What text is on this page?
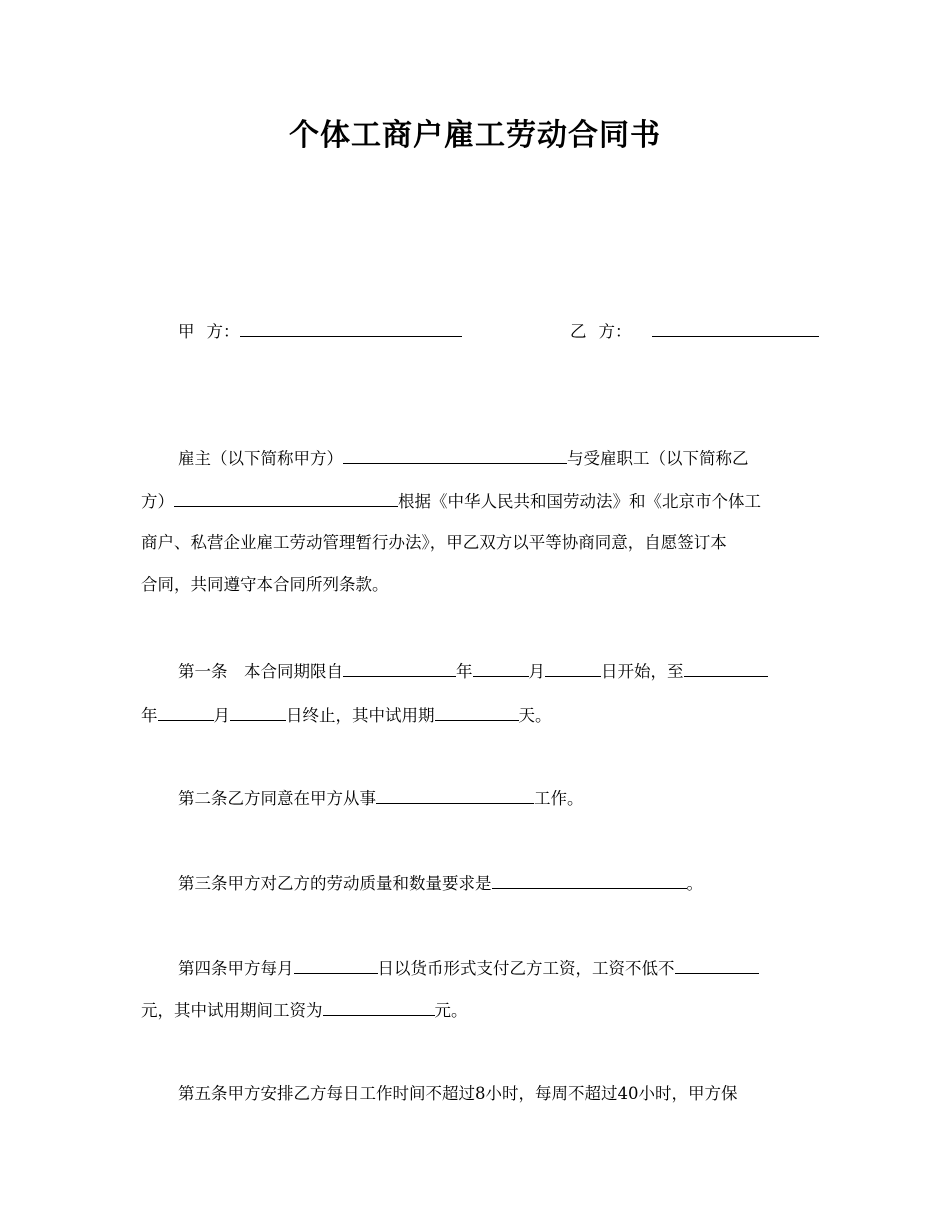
个体工商户雇工劳动合同书
甲 方：	乙 方：
雇主（以下简称甲方）	与受雇职工（以下简称乙
方）	根据《中华人民共和国劳动法》和《北京市个体工
商户、私营企业雇工劳动管理暂行办法》，甲乙双方以平等协商同意，自愿签订本
合同，共同遵守本合同所列条款。
第一条　本合同期限自	年	月	日开始，至
年	月	日终止，其中试用期	天。
第二条乙方同意在甲方从事	工作。
第三条甲方对乙方的劳动质量和数量要求是	。
第四条甲方每月	日以货币形式支付乙方工资，工资不低不
元，其中试用期间工资为	元。
第五条甲方安排乙方每日工作时间不超过8小时，每周不超过40小时，甲方保
